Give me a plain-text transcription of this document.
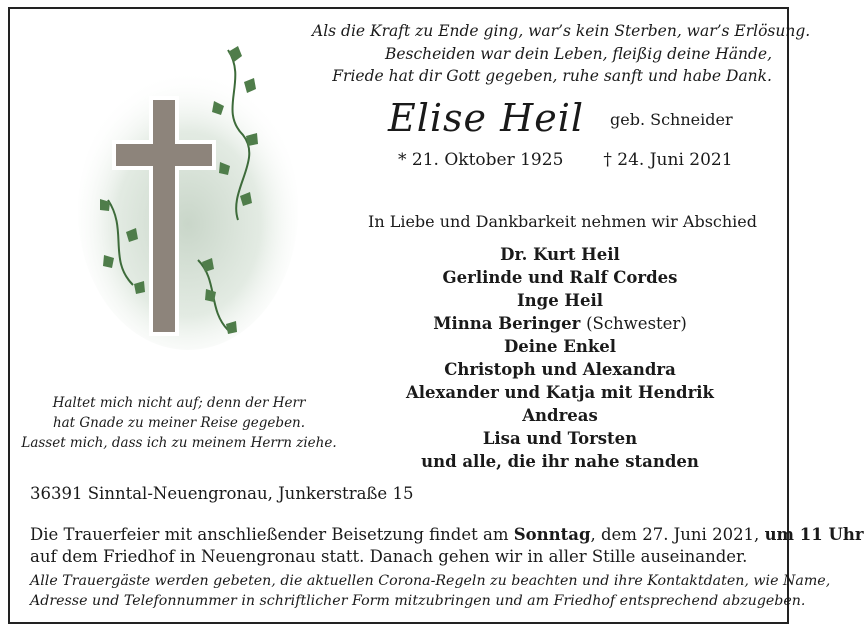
Als die Kraft zu Ende ging, war’s kein Sterben, war’s Erlösung.
Bescheiden war dein Leben, fleißig deine Hände,
Friede hat dir Gott gegeben, ruhe sanft und habe Dank.
Elise Heil geb. Schneider
* 21. Oktober 1925 † 24. Juni 2021
In Liebe und Dankbarkeit nehmen wir Abschied
Dr. Kurt Heil
Gerlinde und Ralf Cordes
Inge Heil
Minna Beringer (Schwester)
Deine Enkel
Christoph und Alexandra
Alexander und Katja mit Hendrik
Andreas
Lisa und Torsten
und alle, die ihr nahe standen
Haltet mich nicht auf; denn der Herr
hat Gnade zu meiner Reise gegeben.
Lasset mich, dass ich zu meinem Herrn ziehe.
36391 Sinntal-Neuengronau, Junkerstraße 15
Die Trauerfeier mit anschließender Beisetzung findet am Sonntag, dem 27. Juni 2021, um 11 Uhr
auf dem Friedhof in Neuengronau statt. Danach gehen wir in aller Stille auseinander.
Alle Trauergäste werden gebeten, die aktuellen Corona-Regeln zu beachten und ihre Kontaktdaten, wie Name,
Adresse und Telefonnummer in schriftlicher Form mitzubringen und am Friedhof entsprechend abzugeben.
